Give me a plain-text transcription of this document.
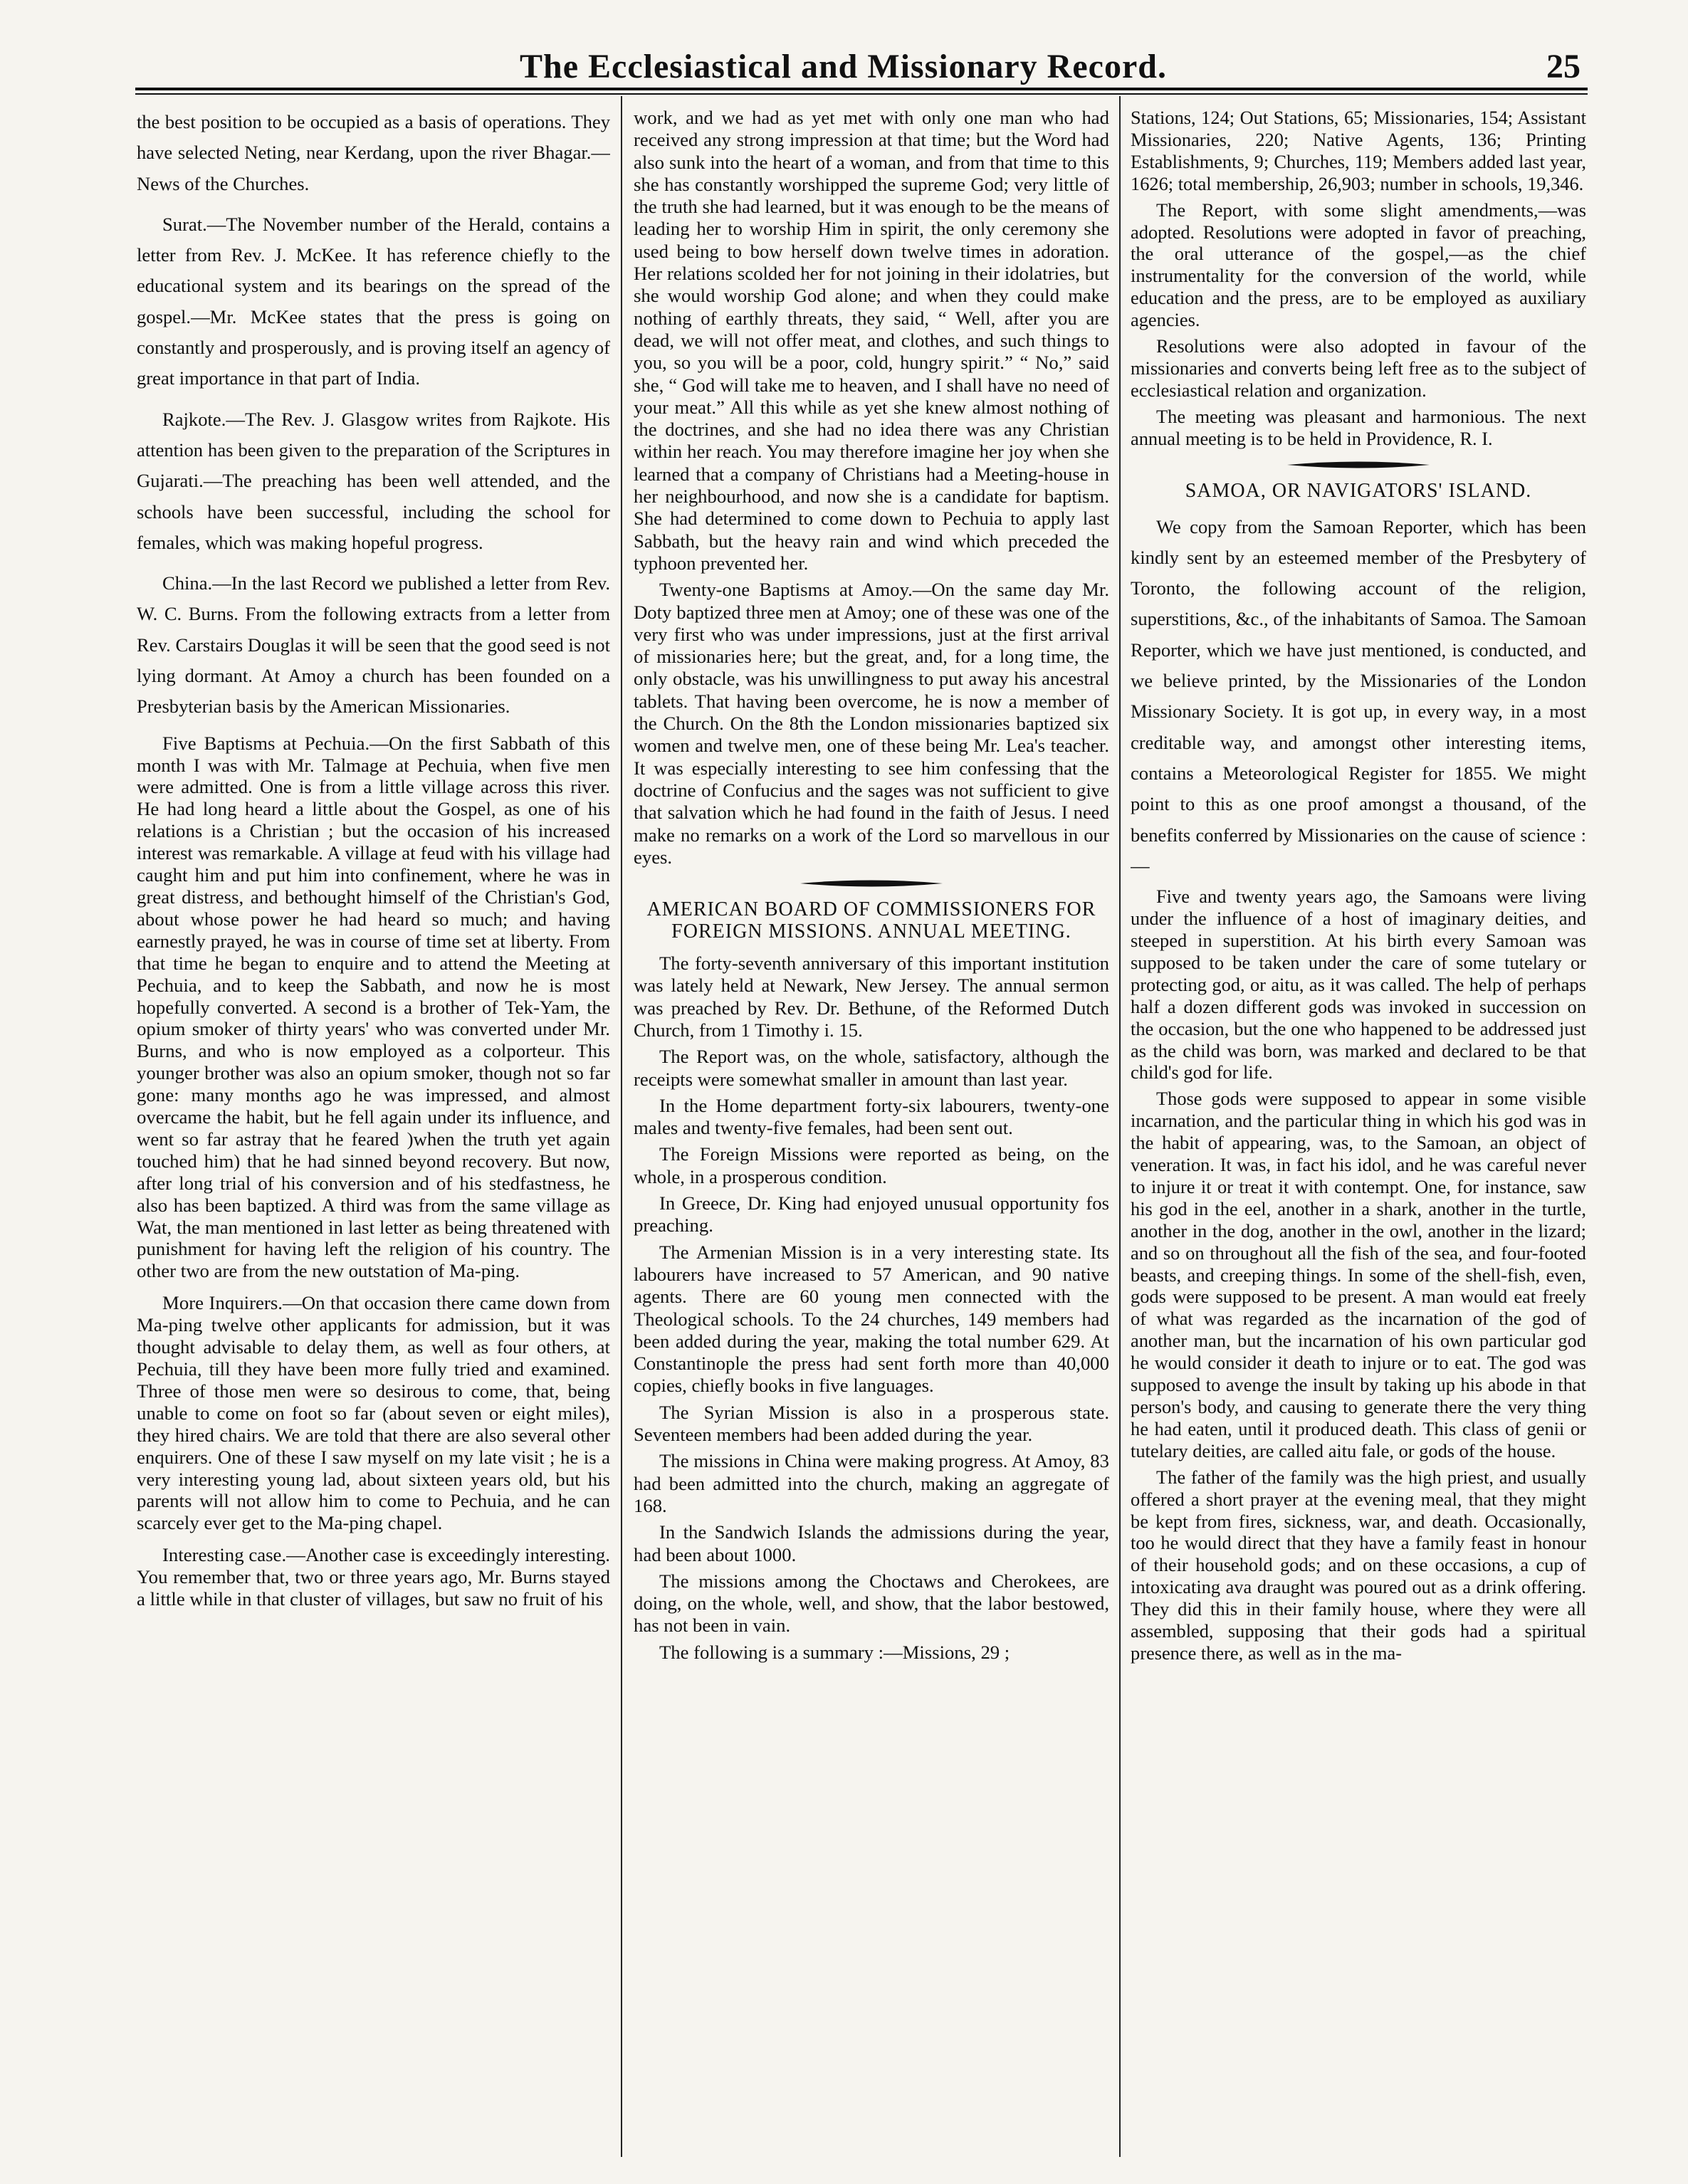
The Ecclesiastical and Missionary Record.	25

the best position to be occupied as a basis of operations. They have selected Neting, near Kerdang, upon the river Bhagar.—News of the Churches.

Surat.—The November number of the Herald, contains a letter from Rev. J. McKee. It has reference chiefly to the educational system and its bearings on the spread of the gospel.—Mr. McKee states that the press is going on constantly and prosperously, and is proving itself an agency of great importance in that part of India.

Rajkote.—The Rev. J. Glasgow writes from Rajkote. His attention has been given to the preparation of the Scriptures in Gujarati.—The preaching has been well attended, and the schools have been successful, including the school for females, which was making hopeful progress.

China.—In the last Record we published a letter from Rev. W. C. Burns. From the following extracts from a letter from Rev. Carstairs Douglas it will be seen that the good seed is not lying dormant. At Amoy a church has been founded on a Presbyterian basis by the American Missionaries.

Five Baptisms at Pechuia.—On the first Sabbath of this month I was with Mr. Talmage at Pechuia, when five men were admitted. One is from a little village across this river. He had long heard a little about the Gospel, as one of his relations is a Christian ; but the occasion of his increased interest was remarkable. A village at feud with his village had caught him and put him into confinement, where he was in great distress, and bethought himself of the Christian's God, about whose power he had heard so much; and having earnestly prayed, he was in course of time set at liberty. From that time he began to enquire and to attend the Meeting at Pechuia, and to keep the Sabbath, and now he is most hopefully converted. A second is a brother of Tek-Yam, the opium smoker of thirty years' who was converted under Mr. Burns, and who is now employed as a colporteur. This younger brother was also an opium smoker, though not so far gone: many months ago he was impressed, and almost overcame the habit, but he fell again under its influence, and went so far astray that he feared )when the truth yet again touched him) that he had sinned beyond recovery. But now, after long trial of his conversion and of his stedfastness, he also has been baptized. A third was from the same village as Wat, the man mentioned in last letter as being threatened with punishment for having left the religion of his country. The other two are from the new outstation of Ma-ping.

More Inquirers.—On that occasion there came down from Ma-ping twelve other applicants for admission, but it was thought advisable to delay them, as well as four others, at Pechuia, till they have been more fully tried and examined. Three of those men were so desirous to come, that, being unable to come on foot so far (about seven or eight miles), they hired chairs. We are told that there are also several other enquirers. One of these I saw myself on my late visit ; he is a very interesting young lad, about sixteen years old, but his parents will not allow him to come to Pechuia, and he can scarcely ever get to the Ma-ping chapel.

Interesting case.—Another case is exceedingly interesting. You remember that, two or three years ago, Mr. Burns stayed a little while in that cluster of villages, but saw no fruit of his

work, and we had as yet met with only one man who had received any strong impression at that time; but the Word had also sunk into the heart of a woman, and from that time to this she has constantly worshipped the supreme God; very little of the truth she had learned, but it was enough to be the means of leading her to worship Him in spirit, the only ceremony she used being to bow herself down twelve times in adoration. Her relations scolded her for not joining in their idolatries, but she would worship God alone; and when they could make nothing of earthly threats, they said, “ Well, after you are dead, we will not offer meat, and clothes, and such things to you, so you will be a poor, cold, hungry spirit.” “ No,” said she, “ God will take me to heaven, and I shall have no need of your meat.” All this while as yet she knew almost nothing of the doctrines, and she had no idea there was any Christian within her reach. You may therefore imagine her joy when she learned that a company of Christians had a Meeting-house in her neighbourhood, and now she is a candidate for baptism. She had determined to come down to Pechuia to apply last Sabbath, but the heavy rain and wind which preceded the typhoon prevented her.

Twenty-one Baptisms at Amoy.—On the same day Mr. Doty baptized three men at Amoy; one of these was one of the very first who was under impressions, just at the first arrival of missionaries here; but the great, and, for a long time, the only obstacle, was his unwillingness to put away his ancestral tablets. That having been overcome, he is now a member of the Church. On the 8th the London missionaries baptized six women and twelve men, one of these being Mr. Lea's teacher. It was especially interesting to see him confessing that the doctrine of Confucius and the sages was not sufficient to give that salvation which he had found in the faith of Jesus. I need make no remarks on a work of the Lord so marvellous in our eyes.

AMERICAN BOARD OF COMMISSIONERS FOR FOREIGN MISSIONS. ANNUAL MEETING.

The forty-seventh anniversary of this important institution was lately held at Newark, New Jersey. The annual sermon was preached by Rev. Dr. Bethune, of the Reformed Dutch Church, from 1 Timothy i. 15.

The Report was, on the whole, satisfactory, although the receipts were somewhat smaller in amount than last year.

In the Home department forty-six labourers, twenty-one males and twenty-five females, had been sent out.

The Foreign Missions were reported as being, on the whole, in a prosperous condition.

In Greece, Dr. King had enjoyed unusual opportunity fos preaching.

The Armenian Mission is in a very interesting state. Its labourers have increased to 57 American, and 90 native agents. There are 60 young men connected with the Theological schools. To the 24 churches, 149 members had been added during the year, making the total number 629. At Constantinople the press had sent forth more than 40,000 copies, chiefly books in five languages.

The Syrian Mission is also in a prosperous state. Seventeen members had been added during the year.

The missions in China were making progress. At Amoy, 83 had been admitted into the church, making an aggregate of 168.

In the Sandwich Islands the admissions during the year, had been about 1000.

The missions among the Choctaws and Cherokees, are doing, on the whole, well, and show, that the labor bestowed, has not been in vain.

The following is a summary :—Missions, 29 ;

Stations, 124; Out Stations, 65; Missionaries, 154; Assistant Missionaries, 220; Native Agents, 136; Printing Establishments, 9; Churches, 119; Members added last year, 1626; total membership, 26,903; number in schools, 19,346.

The Report, with some slight amendments,—was adopted. Resolutions were adopted in favor of preaching, the oral utterance of the gospel,—as the chief instrumentality for the conversion of the world, while education and the press, are to be employed as auxiliary agencies.

Resolutions were also adopted in favour of the missionaries and converts being left free as to the subject of ecclesiastical relation and organization.

The meeting was pleasant and harmonious. The next annual meeting is to be held in Providence, R. I.

SAMOA, OR NAVIGATORS' ISLAND.

We copy from the Samoan Reporter, which has been kindly sent by an esteemed member of the Presbytery of Toronto, the following account of the religion, superstitions, &c., of the inhabitants of Samoa. The Samoan Reporter, which we have just mentioned, is conducted, and we believe printed, by the Missionaries of the London Missionary Society. It is got up, in every way, in a most creditable way, and amongst other interesting items, contains a Meteorological Register for 1855. We might point to this as one proof amongst a thousand, of the benefits conferred by Missionaries on the cause of science :—

Five and twenty years ago, the Samoans were living under the influence of a host of imaginary deities, and steeped in superstition. At his birth every Samoan was supposed to be taken under the care of some tutelary or protecting god, or aitu, as it was called. The help of perhaps half a dozen different gods was invoked in succession on the occasion, but the one who happened to be addressed just as the child was born, was marked and declared to be that child's god for life.

Those gods were supposed to appear in some visible incarnation, and the particular thing in which his god was in the habit of appearing, was, to the Samoan, an object of veneration. It was, in fact his idol, and he was careful never to injure it or treat it with contempt. One, for instance, saw his god in the eel, another in a shark, another in the turtle, another in the dog, another in the owl, another in the lizard; and so on throughout all the fish of the sea, and four-footed beasts, and creeping things. In some of the shell-fish, even, gods were supposed to be present. A man would eat freely of what was regarded as the incarnation of the god of another man, but the incarnation of his own particular god he would consider it death to injure or to eat. The god was supposed to avenge the insult by taking up his abode in that person's body, and causing to generate there the very thing he had eaten, until it produced death. This class of genii or tutelary deities, are called aitu fale, or gods of the house.

The father of the family was the high priest, and usually offered a short prayer at the evening meal, that they might be kept from fires, sickness, war, and death. Occasionally, too he would direct that they have a family feast in honour of their household gods; and on these occasions, a cup of intoxicating ava draught was poured out as a drink offering. They did this in their family house, where they were all assembled, supposing that their gods had a spiritual presence there, as well as in the ma-
